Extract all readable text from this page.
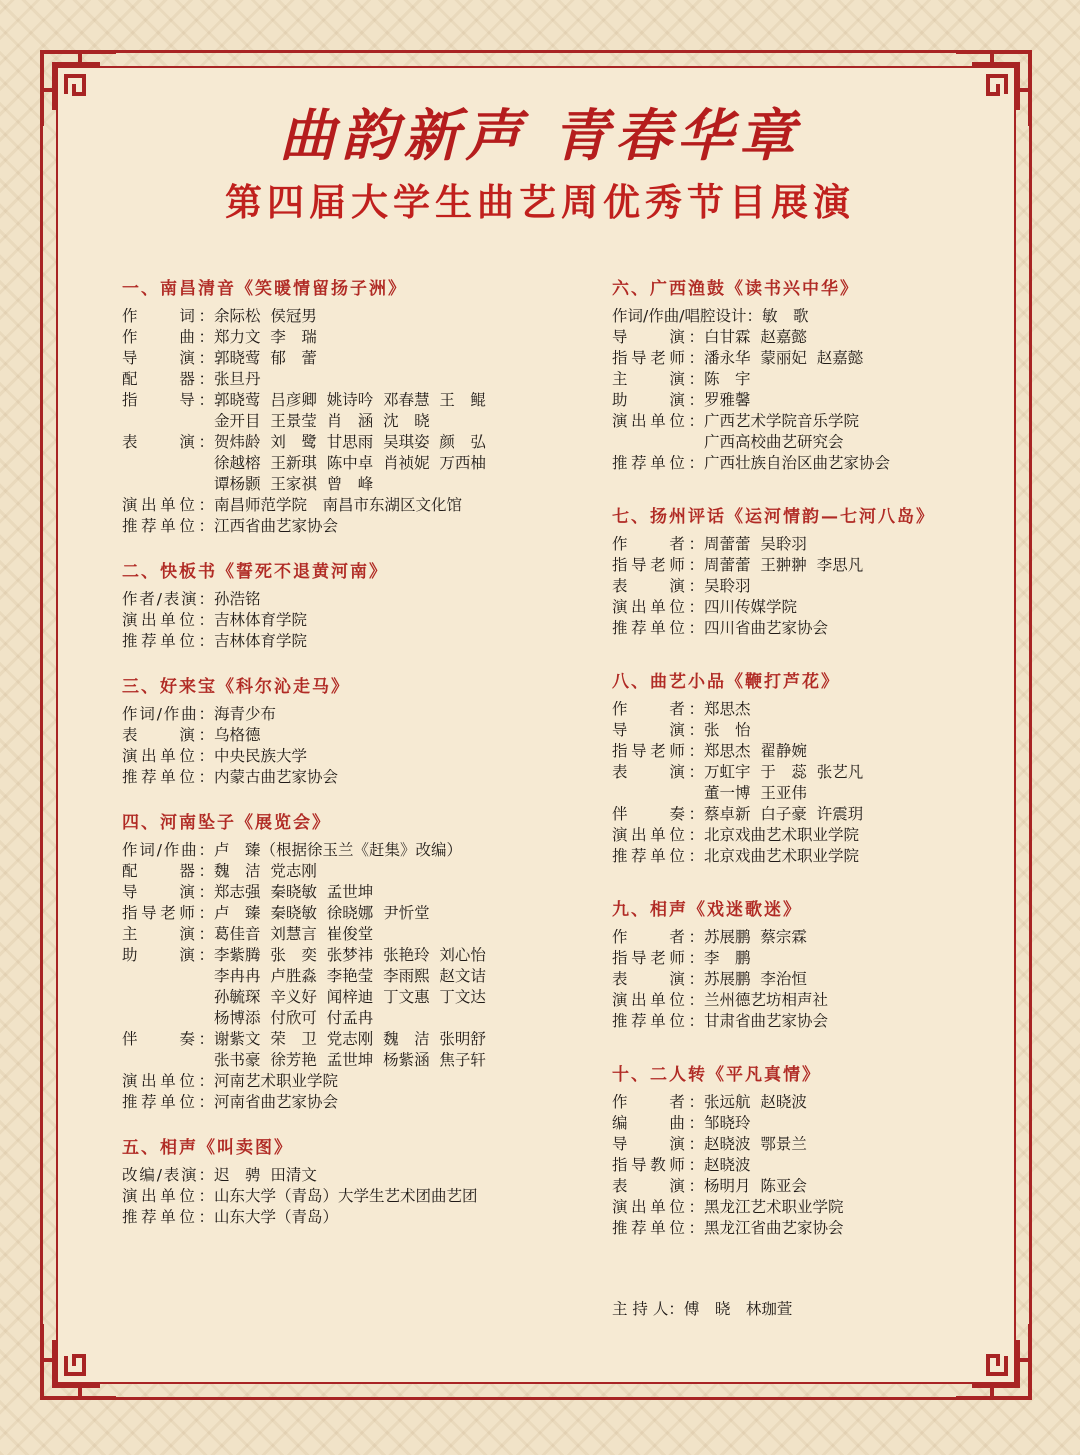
曲韵新声 青春华章
第四届大学生曲艺周优秀节目展演
一、南昌清音《笑暖情留扬子洲》
作　　词： 余际松  侯冠男
作　　曲： 郑力文  李　瑞
导　　演： 郭晓莺  郁　蕾
配　　器： 张旦丹
指　　导： 郭晓莺  吕彦卿  姚诗吟  邓春慧  王　鲲
金开目  王景莹  肖　涵  沈　晓
表　　演： 贺炜龄  刘　鹭  甘思雨  吴琪姿  颜　弘
徐越榕  王新琪  陈中卓  肖祯妮  万西柚
谭杨颢  王家祺  曾　峰
演出单位： 南昌师范学院　南昌市东湖区文化馆
推荐单位： 江西省曲艺家协会
二、快板书《誓死不退黄河南》
作者/表演： 孙浩铭
演出单位： 吉林体育学院
推荐单位： 吉林体育学院
三、好来宝《科尔沁走马》
作词/作曲： 海青少布
表　　演： 乌格德
演出单位： 中央民族大学
推荐单位： 内蒙古曲艺家协会
四、河南坠子《展览会》
作词/作曲： 卢　臻（根据徐玉兰《赶集》改编）
配　　器： 魏　洁  党志刚
导　　演： 郑志强  秦晓敏  孟世坤
指导老师： 卢　臻  秦晓敏  徐晓娜  尹忻堂
主　　演： 葛佳音  刘慧言  崔俊堂
助　　演： 李紫腾  张　奕  张梦祎  张艳玲  刘心怡
李冉冉  卢胜淼  李艳莹  李雨熙  赵文诘
孙毓琛  辛义好  闻梓迪  丁文惠  丁文达
杨博添  付欣可  付孟冉
伴　　奏： 谢紫文  荣　卫  党志刚  魏　洁  张明舒
张书豪  徐芳艳  孟世坤  杨紫涵  焦子轩
演出单位： 河南艺术职业学院
推荐单位： 河南省曲艺家协会
五、相声《叫卖图》
改编/表演： 迟　骋  田清文
演出单位： 山东大学（青岛）大学生艺术团曲艺团
推荐单位： 山东大学（青岛）
六、广西渔鼓《读书兴中华》
作词/作曲/唱腔设计： 敏　歌
导　　演： 白甘霖  赵嘉懿
指导老师： 潘永华  蒙丽妃  赵嘉懿
主　　演： 陈　宇
助　　演： 罗雅馨
演出单位： 广西艺术学院音乐学院
广西高校曲艺研究会
推荐单位： 广西壮族自治区曲艺家协会
七、扬州评话《运河情韵—七河八岛》
作　　者： 周蕾蕾  吴聆羽
指导老师： 周蕾蕾  王翀翀  李思凡
表　　演： 吴聆羽
演出单位： 四川传媒学院
推荐单位： 四川省曲艺家协会
八、曲艺小品《鞭打芦花》
作　　者： 郑思杰
导　　演： 张　怡
指导老师： 郑思杰  翟静婉
表　　演： 万虹宇  于　蕊  张艺凡
董一博  王亚伟
伴　　奏： 蔡卓新  白子豪  许震玥
演出单位： 北京戏曲艺术职业学院
推荐单位： 北京戏曲艺术职业学院
九、相声《戏迷歌迷》
作　　者： 苏展鹏  蔡宗霖
指导老师： 李　鹏
表　　演： 苏展鹏  李治恒
演出单位： 兰州德艺坊相声社
推荐单位： 甘肃省曲艺家协会
十、二人转《平凡真情》
作　　者： 张远航  赵晓波
编　　曲： 邹晓玲
导　　演： 赵晓波  鄂景兰
指导教师： 赵晓波
表　　演： 杨明月  陈亚会
演出单位： 黑龙江艺术职业学院
推荐单位： 黑龙江省曲艺家协会
主 持 人：傅　晓　林珈萱
